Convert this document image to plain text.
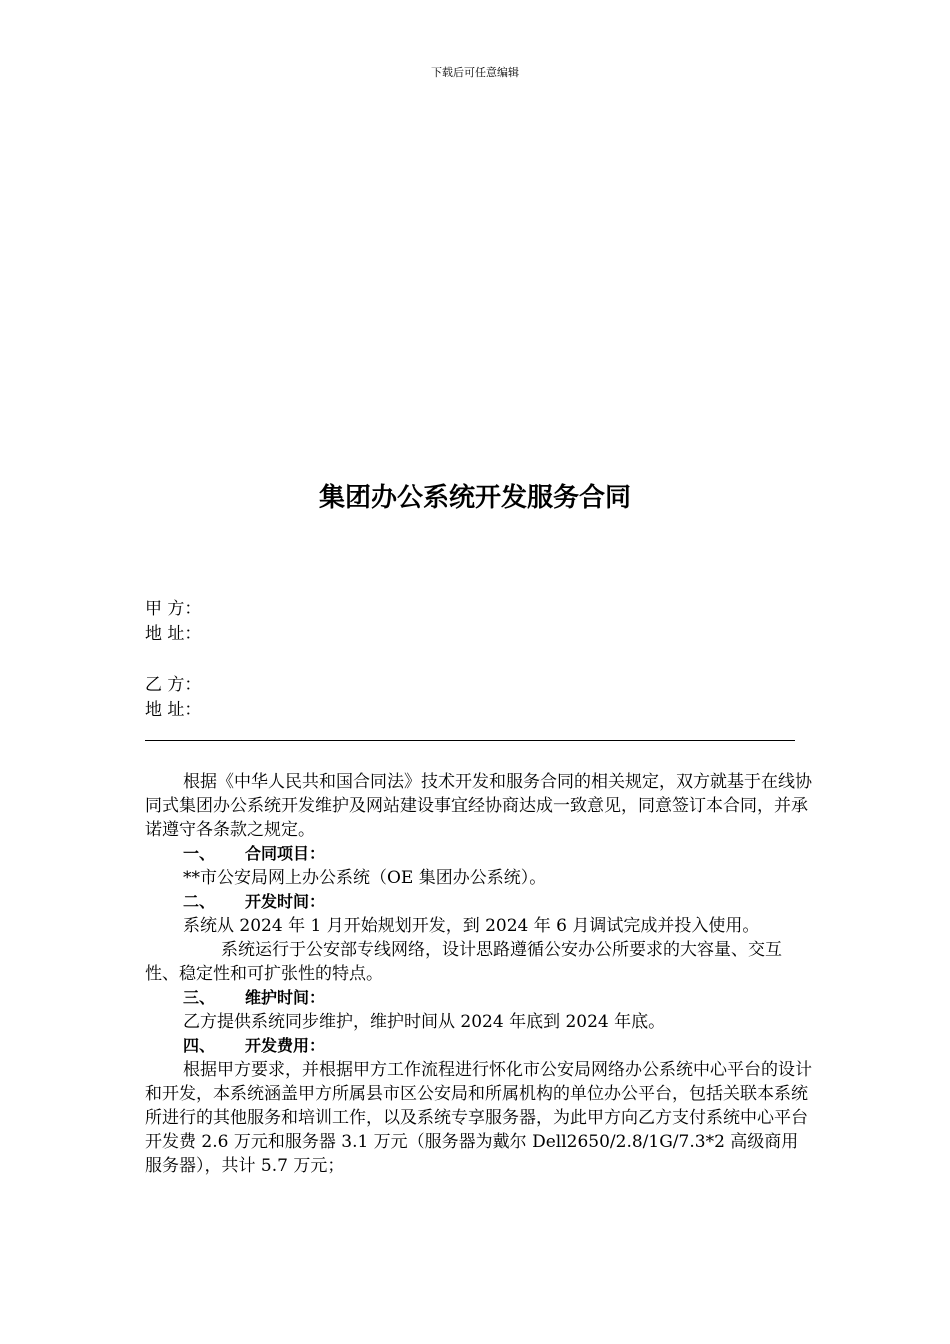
下载后可任意编辑
集团办公系统开发服务合同
甲 方：
地 址：
乙 方：
地 址：

根据《中华人民共和国合同法》技术开发和服务合同的相关规定，双方就基于在线协同式集团办公系统开发维护及网站建设事宜经协商达成一致意见，同意签订本合同，并承诺遵守各条款之规定。

一、	合同项目：

**市公安局网上办公系统（OE 集团办公系统）。

二、	开发时间：

系统从 2024 年 1 月开始规划开发，到 2024 年 6 月调试完成并投入使用。

系统运行于公安部专线网络，设计思路遵循公安办公所要求的大容量、交互性、稳定性和可扩张性的特点。

三、	维护时间：

乙方提供系统同步维护，维护时间从 2024 年底到 2024 年底。

四、	开发费用：

根据甲方要求，并根据甲方工作流程进行怀化市公安局网络办公系统中心平台的设计和开发，本系统涵盖甲方所属县市区公安局和所属机构的单位办公平台，包括关联本系统所进行的其他服务和培训工作，以及系统专享服务器，为此甲方向乙方支付系统中心平台开发费 2.6 万元和服务器 3.1 万元（服务器为戴尔 Dell2650/2.8/1G/7.3*2 高级商用服务器），共计 5.7 万元；
